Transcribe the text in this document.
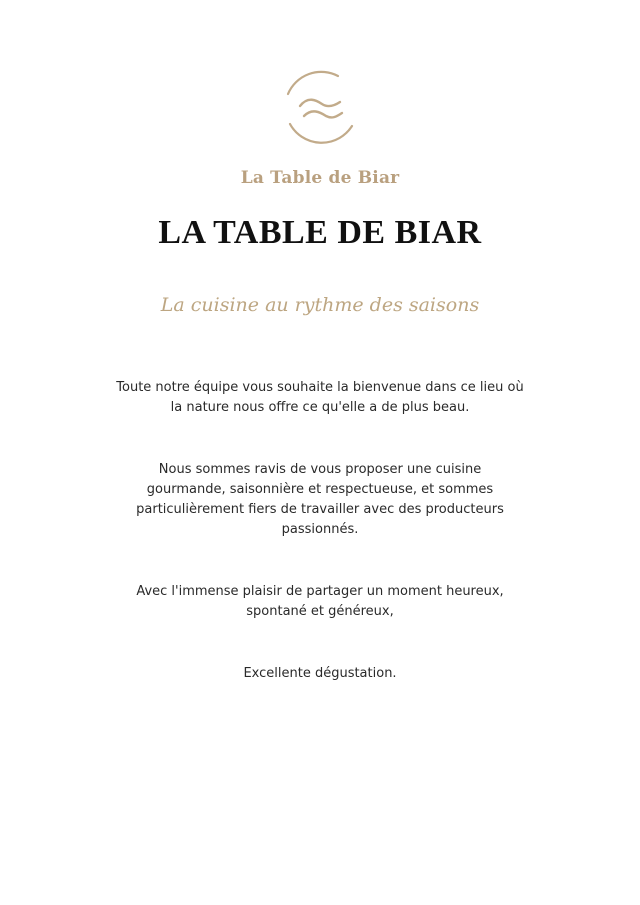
La Table de Biar
LA TABLE DE BIAR
La cuisine au rythme des saisons
Toute notre équipe vous souhaite la bienvenue dans ce lieu où la nature nous offre ce qu'elle a de plus beau.
Nous sommes ravis de vous proposer une cuisine gourmande, saisonnière et respectueuse, et sommes particulièrement fiers de travailler avec des producteurs passionnés.
Avec l'immense plaisir de partager un moment heureux, spontané et généreux,
Excellente dégustation.
